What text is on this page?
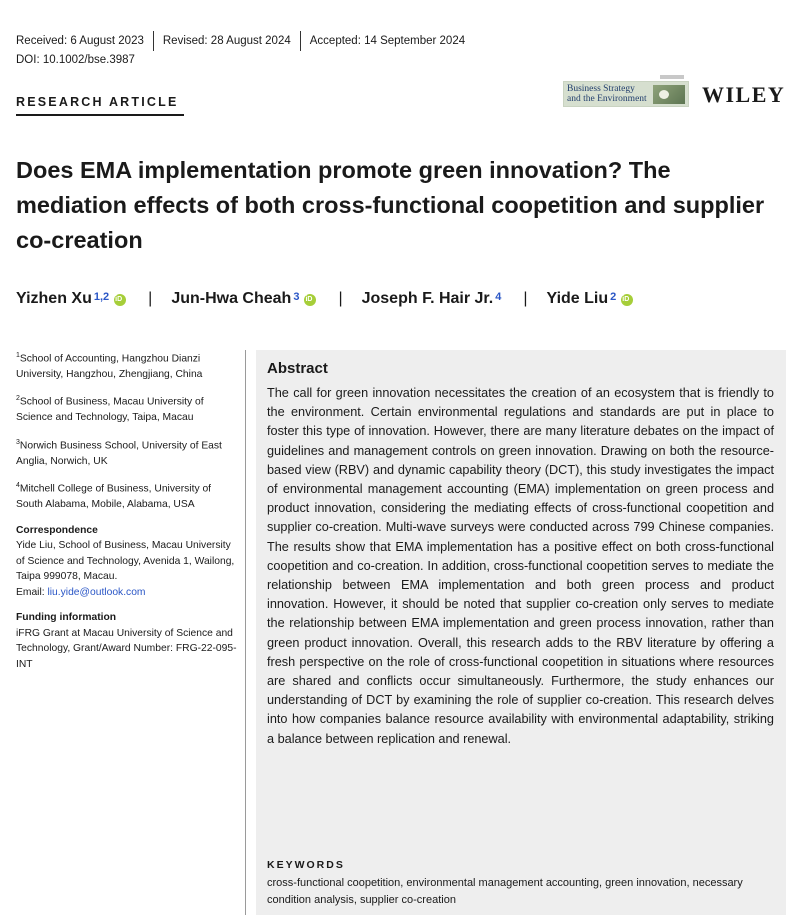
Received: 6 August 2023	Revised: 28 August 2024	Accepted: 14 September 2024
DOI: 10.1002/bse.3987
Business Strategy
and the Environment	WILEY
RESEARCH ARTICLE
Does EMA implementation promote green innovation? The mediation effects of both cross-functional coopetition and supplier co-creation
Yizhen Xu$^{1,2}$ iD | Jun-Hwa Cheah$^3$ iD | Joseph F. Hair Jr.$^4$ | Yide Liu$^2$
iD
$^1$School of Accounting, Hangzhou Dianzi University, Hangzhou, Zhengjiang, China
$^2$School of Business, Macau University of Science and Technology, Taipa, Macau
$^3$Norwich Business School, University of East Anglia, Norwich, UK
$^4$Mitchell College of Business, University of South Alabama, Mobile, Alabama, USA
Correspondence
Yide Liu, School of Business, Macau University of Science and Technology, Avenida 1, Wailong, Taipa 999078, Macau.
Email: liu.yide@outlook.com
Funding information
iFRG Grant at Macau University of Science and Technology, Grant/Award Number: FRG-22-095-INT
Abstract

The call for green innovation necessitates the creation of an ecosystem that is friendly to the environment. Certain environmental regulations and standards are put in place to foster this type of innovation. However, there are many literature debates on the impact of guidelines and management controls on green innovation. Drawing on both the resource-based view (RBV) and dynamic capability theory (DCT), this study investigates the impact of environmental management accounting (EMA) implementation on green process and product innovation, considering the mediating effects of cross-functional coopetition and supplier co-creation. Multi-wave surveys were conducted across 799 Chinese companies. The results show that EMA implementation has a positive effect on both cross-functional coopetition and co-creation. In addition, cross-functional coopetition serves to mediate the relationship between EMA implementation and both green process and product innovation. However, it should be noted that supplier co-creation only serves to mediate the relationship between EMA implementation and green process innovation, rather than green product innovation. Overall, this research adds to the RBV literature by offering a fresh perspective on the role of cross-functional coopetition in situations where resources are shared and conflicts occur simultaneously. Furthermore, the study enhances our understanding of DCT by examining the role of supplier co-creation. This research delves into how companies balance resource availability with environmental adaptability, striking a balance between replication and renewal.

KEYWORDS
cross-functional coopetition, environmental management accounting, green innovation, necessary condition analysis, supplier co-creation
